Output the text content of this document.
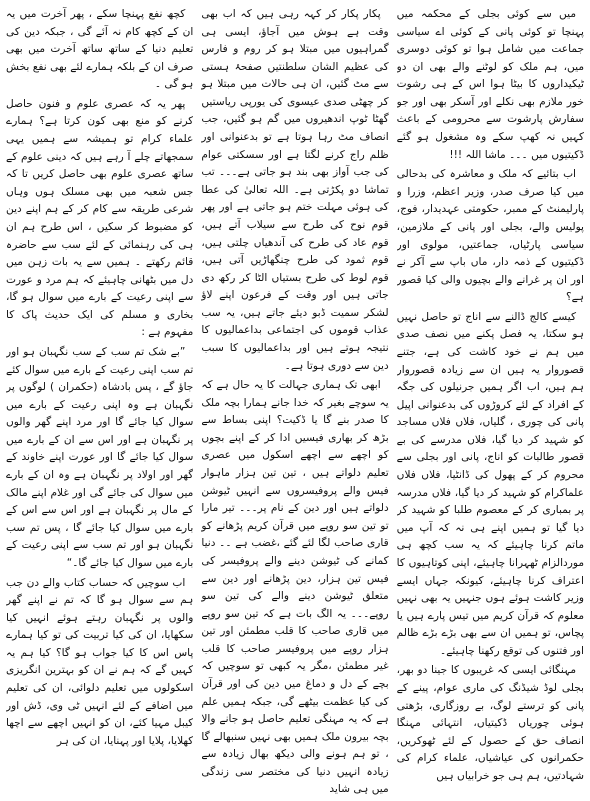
میں سے کوئی بجلی کے محکمہ میں پہنچا تو کوئی پانی کے کوئی اے سیاسی جماعت میں شامل ہوا تو کوئی دوسری میں، ہم ملک کو لوٹنے والے بھی ان دو ٹیکیداروں کا بیٹا ہوا اس کے ہی رشوت خور ملازم بھی نکلے اور آسکر بھی اور جو سفارش پارشوت سے محرومی کے باعث کہیں نہ کھپ سکے وہ مشغول ہو گئے ڈکیتیوں میں ۔۔۔ ماشا اللہ !!!

اب بتائیے کہ ملک و معاشرہ کی بدحالی میں کیا صرف صدر، وزیر اعظم، وزرا و پارلیمنٹ کے ممبر، حکومتی عہدیدار، فوج، پولیس والے، بجلی اور پانی کے ملازمین، سیاسی پارٹیاں، جماعتیں، مولوی اور ڈکیتیوں کے ذمہ دار، ماں باپ سے آکر نے اور ان پر غرانے والے بچیوں والی کیا قصور ہے؟

کیسے کالج ڈالنے سے اناج تو حاصل نہیں ہو سکتا، یہ فصل پکنے میں نصف صدی میں ہم نے خود کاشت کی ہے، جتنے قصوروار یہ ہیں ان سے زیادہ قصوروار ہم ہیں، اب اگر ہمیں جرنیلوں کی جگہ کے افراد کے لئے کروڑوں کی بدعنوانی اپیل پانی کی چوری ، گلیاں، فلاں فلاں مساجد کو شہید کر دیا گیا، فلاں مدرسے کی بے قصور طالبات کو اناج، پانی اور بجلی سے محروم کر کے پھول کی ڈانٹیا، فلاں فلاں علماکرام کو شہید کر دیا گیا، فلاں مدرسہ پر بمباری کر کے معصوم طلبا کو شہید کر دیا گیا تو ہمیں اپنے ہی نہ کہ آپ میں ماتم کرنا چاہیئے کہ یہ سب کچھ ہی موردالزام ٹھہرانا چاہیئے، اپنی کوتاہیوں کا اعتراف کرنا چاہیئے، کیونکہ جہاں ایسے وزیر کاشت ہوئے ہوں جنہیں یہ بھی نہیں معلوم کہ قرآن کریم میں تیس پارے ہیں یا پچاس، تو ہمیں ان سے بھی بڑے بڑے ظالم اور فتنوں کی توقع رکھنا چاہیئے۔

مہنگائی ایسی کہ غریبوں کا جینا دو بھر، بجلی لوڈ شیڈنگ کی ماری عوام، پینے کے پانی کو ترستے لوگ، بے روزگاری، بڑھتی ہوئی چوریاں ڈکیتیاں، انتہائی مہنگا انصاف حق کے حصول کے لئے ٹھوکریں، حکمرانوں کی عیاشیاں، علماء کرام کی شہادتیں، ہم ہی جو خرابیاں ہیں

پکار پکار کر کہہ رہی ہیں کہ اب بھی وقت ہے ہوش میں آجاؤ، ایسی ہی گمراہیوں میں مبتلا ہو کر روم و فارس کی عظیم الشان سلطنتیں صفحۂ ہستی سے مٹ گئیں، ان ہی حالات میں مبتلا ہو کر چھٹی صدی عیسوی کی یورپی ریاستیں گھٹا ٹوپ اندھیروں میں گم ہو گئیں، جب انصاف مٹ رہا ہوتا ہے تو بدعنوانی اور ظلم راج کرنے لگتا ہے اور سسکتی عوام کی جب آواز بھی بند ہو جاتی ہے۔۔۔ تب تماشا دو پکڑتی ہے۔ اللہ تعالیٰ کی عطا کی ہوئی مہلت ختم ہو جاتی ہے اور پھر قوم نوح کی طرح سے سیلاب آتے ہیں، قوم عاد کی طرح کی آندھیاں چلتی ہیں، قوم ثمود کی طرح چنگھاڑیں آتی ہیں، قوم لوط کی طرح بستیاں الٹا کر رکھ دی جاتی ہیں اور وقت کے فرعون اپنے لاؤ لشکر سمیت ڈبو دیئے جاتے ہیں، یہ سب عذاب قوموں کی اجتماعی بداعمالیوں کا نتیجہ ہوتے ہیں اور بداعمالیوں کا سبب دین سے دوری ہوتا ہے۔

ابھی تک ہماری جہالت کا یہ حال ہے کہ یہ سوچے بغیر کہ خدا جانے ہمارا بچہ ملک کا صدر بنے گا یا ڈکیت؟ اپنی بساط سے بڑھ کر بھاری فیسیں ادا کر کے اپنے بچوں کو اچھے سے اچھے اسکول میں عصری تعلیم دلواتے ہیں ، تین تین ہزار ماہوار فیس والے پروفیسروں سے انہیں ٹیوشن دلواتے ہیں اور دین کے نام پر۔۔۔ تیر مارا تو تین سو روپے میں قرآن کریم پڑھانے کو قاری صاحب لگا لئے گئے ،غضب ہے ۔۔ دنیا کمانے کی ٹیوشن دینے والے پروفیسر کی فیس تین ہزار، دین پڑھانے اور دین سے متعلق ٹیوشن دینے والے کی تین سو روپے۔۔۔ یہ الگ بات ہے کہ تین سو روپے میں قاری صاحب کا قلب مطمئن اور تین ہزار روپے میں پروفیسر صاحب کا قلب غیر مطمئن ،مگر یہ کبھی تو سوچیں کہ بچے کے دل و دماغ میں دین کی اور قرآن کی کیا عظمت بیٹھے گی، جبکہ ہمیں علم ہے کہ یہ مہنگی تعلیم حاصل ہو جانے والا بچہ بیرون ملک ہمیں بھی نہیں سنبھالے گا ، تو ہم ہونے والی دیکھ بھال زیادہ سے زیادہ انہیں دنیا کی مختصر سی زندگی میں ہی شاید

کچھ نفع پہنچا سکے ، پھر آخرت میں یہ ان کے کچھ کام نہ آئے گی ، جبکہ دین کی تعلیم دنیا کے ساتھ ساتھ آخرت میں بھی صرف ان کے بلکہ ہمارے لئے بھی نفع بخش ہو گی ۔

پھر یہ کہ عصری علوم و فنون حاصل کرنے کو منع بھی کون کرتا ہے؟ ہمارے علماء کرام تو ہمیشہ سے ہمیں یہی سمجھاتے چلے آ رہے ہیں کہ دینی علوم کے ساتھ عصری علوم بھی حاصل کریں تا کہ جس شعبہ میں بھی مسلک ہوں وہاں شرعی طریقہ سے کام کر کے ہم اپنے دین کو مضبوط کر سکیں ، اس طرح ہم ان ہی کی رہنمائی کے لئے سب سے حاضرہ قائم رکھتے ۔ ہمیں سے یہ بات زہن میں دل میں بٹھانی چاہیئے کہ ہم مرد و عورت سے اپنی رعیت کے بارے میں سوال ہو گا، بخاری و مسلم کی ایک حدیث پاک کا مفہوم ہے :

”بے شک تم سب کے سب نگہبان ہو اور تم سب اپنی رعیت کے بارے میں سوال کئے جاؤ گے ، پس بادشاہ (حکمران ) لوگوں پر نگہبان ہے وہ اپنی رعیت کے بارے میں سوال کیا جائے گا اور مرد اپنے گھر والوں پر نگہبان ہے اور اس سے ان کے بارے میں سوال کیا جائے گا اور عورت اپنے خاوند کے گھر اور اولاد پر نگہبان ہے وہ ان کے بارے میں سوال کی جائے گی اور غلام اپنے مالک کے مال پر نگہبان ہے اور اس سے اس کے بارے میں سوال کیا جائے گا ، پس تم سب نگہبان ہو اور تم سب سے اپنی رعیت کے بارے میں سوال کیا جائے گا۔“

اب سوچیں کہ حساب کتاب والے دن جب ہم سے سوال ہو گا کہ تم نے اپنے گھر والوں پر نگہبان رہتے ہوئے انہیں کیا سکھایا، ان کی کیا تربیت کی تو کیا ہمارے پاس اس کا کیا جواب ہو گا؟ کیا ہم یہ کہیں گے کہ ہم نے ان کو بہترین انگریزی اسکولوں میں تعلیم دلوائی، ان کی تعلیم میں اضافے کے لئے انہیں ٹی وی، ڈش اور کیبل مہیا کئے، ان کو انہیں اچھے سے اچھا کھلایا، پلایا اور پہنایا، ان کی ہر
